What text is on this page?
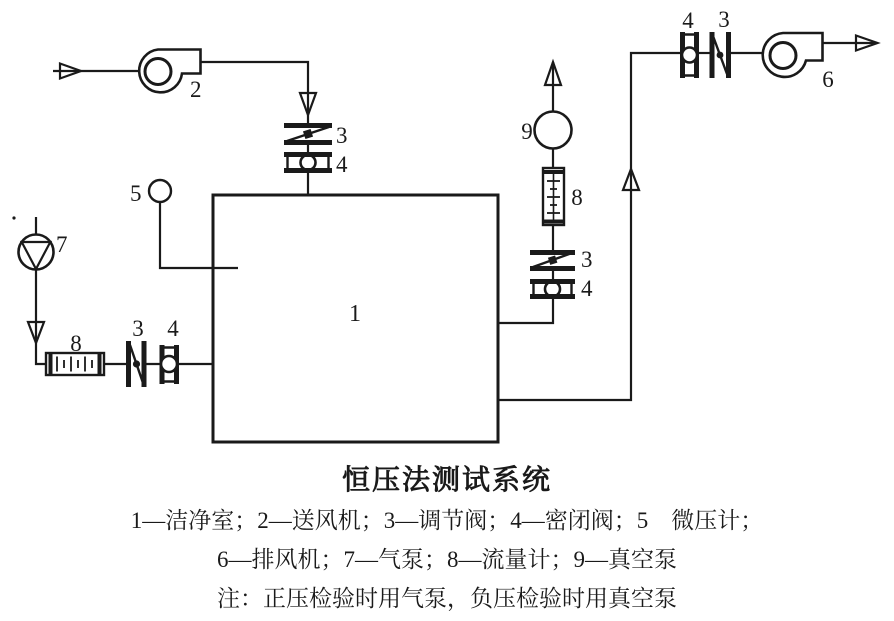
1
2
3
4
5
7
8
3 4
9
8
3
4
4 3
6
恒压法测试系统
1—洁净室；2—送风机；3—调节阀；4—密闭阀；5　微压计；
6—排风机；7—气泵；8—流量计；9—真空泵
注：正压检验时用气泵，负压检验时用真空泵
